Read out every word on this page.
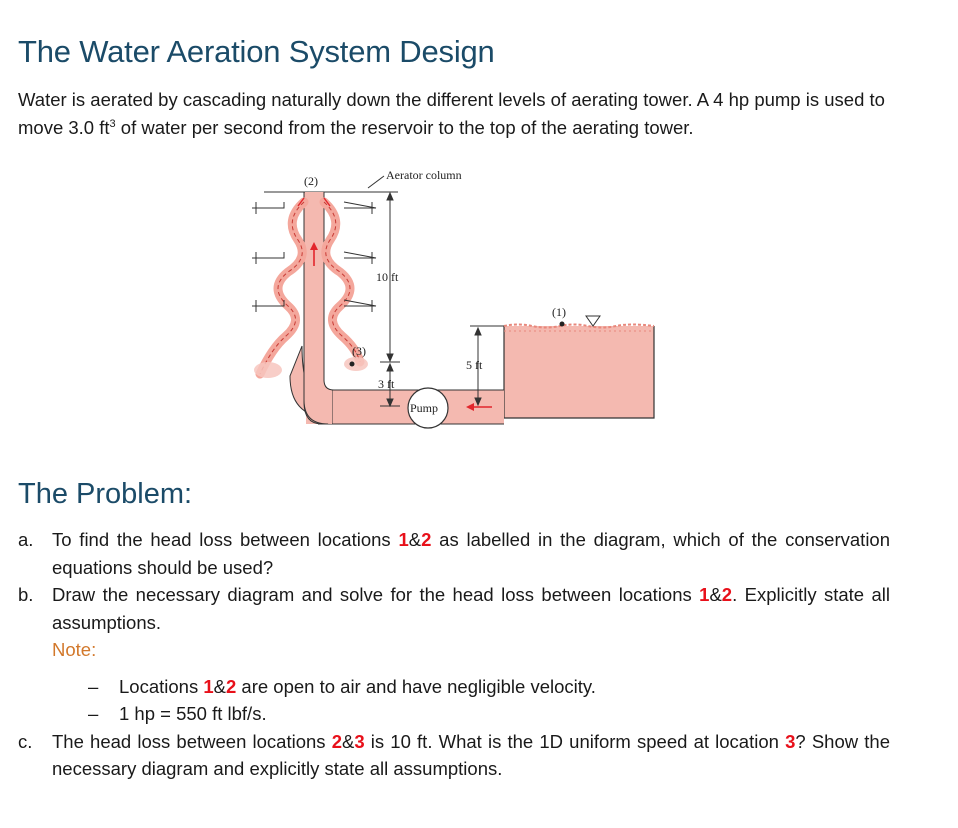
The Water Aeration System Design

Water is aerated by cascading naturally down the different levels of aerating tower. A 4 hp pump is used to move 3.0 $ft^3$ of water per second from the reservoir to the top of the aerating tower.

(2)	Aerator column
10 ft
(3)
3 ft
Pump
5 ft
(1)
The Problem:
a.	To find the head loss between locations 1&2 as labelled in the diagram, which of the conservation equations should be used?
b.	Draw the necessary diagram and solve for the head loss between locations 1&2. Explicitly state all assumptions.
Note:
–	Locations 1&2 are open to air and have negligible velocity.
–	1 hp = 550 ft lbf/s.
c.	The head loss between locations 2&3 is 10 ft. What is the 1D uniform speed at location 3? Show the necessary diagram and explicitly state all assumptions.
